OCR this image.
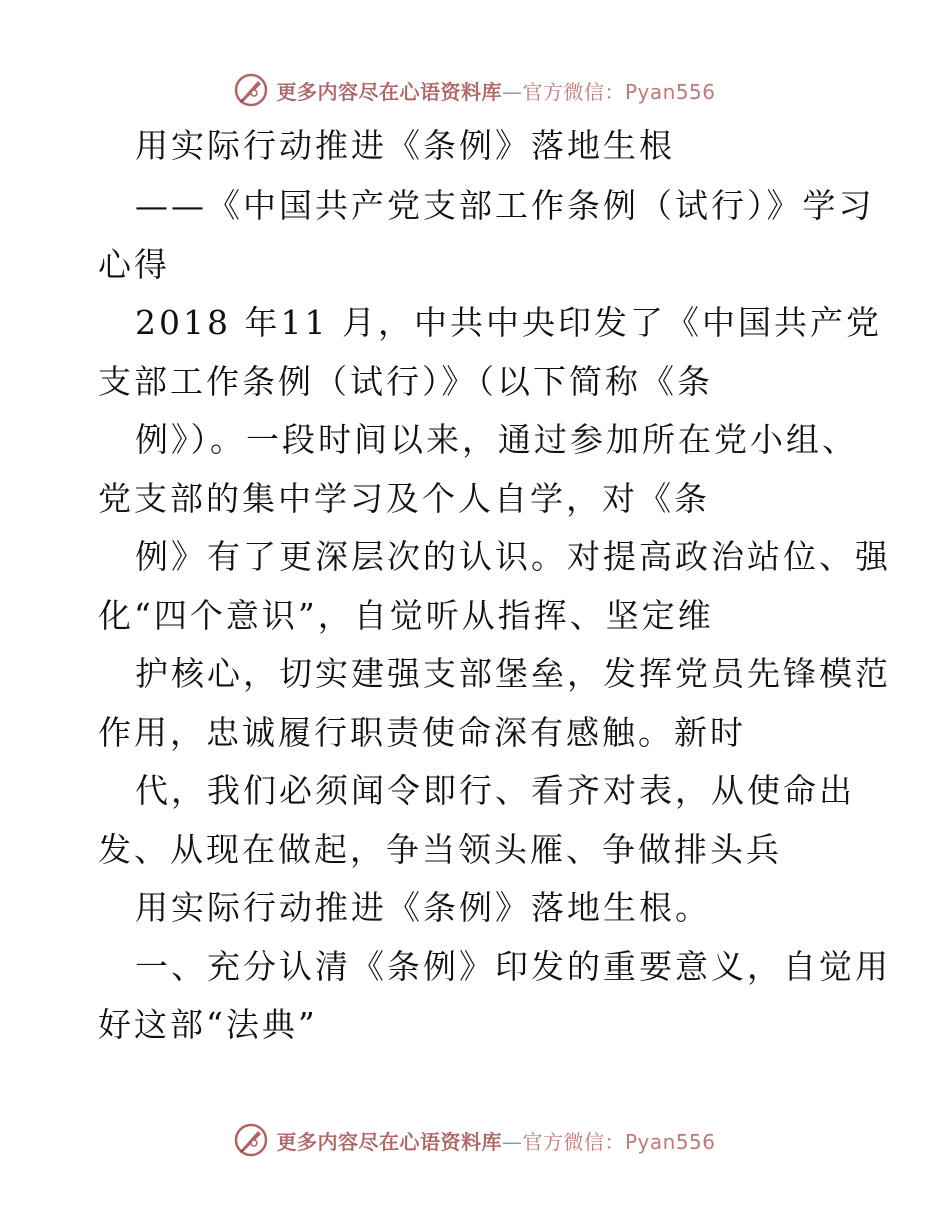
更多内容尽在心语资料库—官方微信：Pyan556
用实际行动推进《条例》落地生根
——《中国共产党支部工作条例（试行）》学习
心得
2018 年11 月，中共中央印发了《中国共产党
支部工作条例（试行）》（以下简称《条
例》）。一段时间以来，通过参加所在党小组、
党支部的集中学习及个人自学，对《条
例》有了更深层次的认识。对提高政治站位、强
化“四个意识”，自觉听从指挥、坚定维
护核心，切实建强支部堡垒，发挥党员先锋模范
作用，忠诚履行职责使命深有感触。新时
代，我们必须闻令即行、看齐对表，从使命出
发、从现在做起，争当领头雁、争做排头兵
用实际行动推进《条例》落地生根。
一、充分认清《条例》印发的重要意义，自觉用
好这部“法典”
更多内容尽在心语资料库—官方微信：Pyan556
